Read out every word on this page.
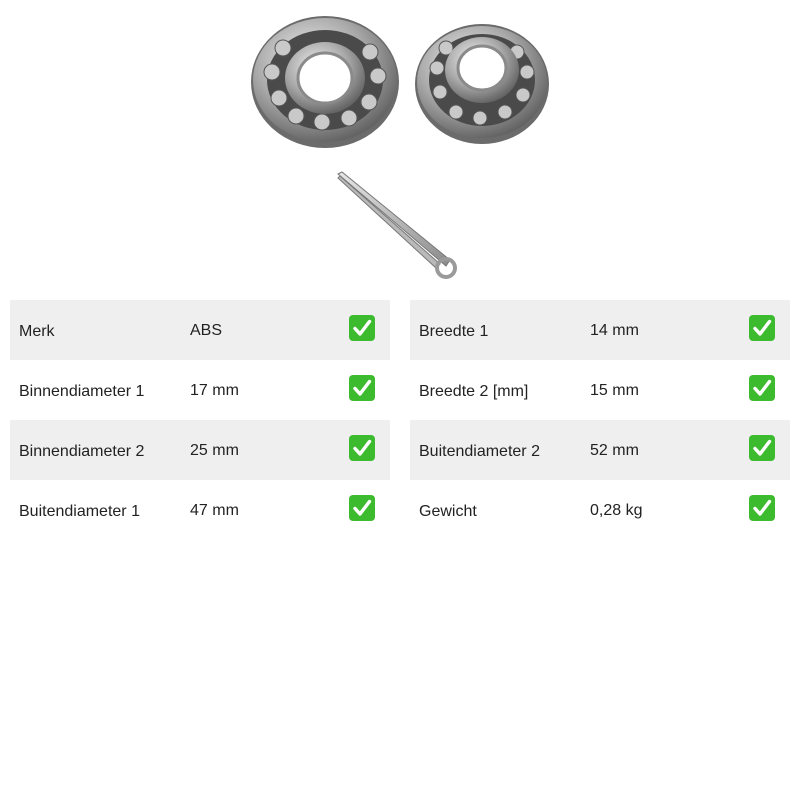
Merk	ABS
Binnendiameter 1	17 mm
Binnendiameter 2	25 mm
Buitendiameter 1	47 mm
Breedte 1	14 mm
Breedte 2 [mm]	15 mm
Buitendiameter 2	52 mm
Gewicht	0,28 kg
